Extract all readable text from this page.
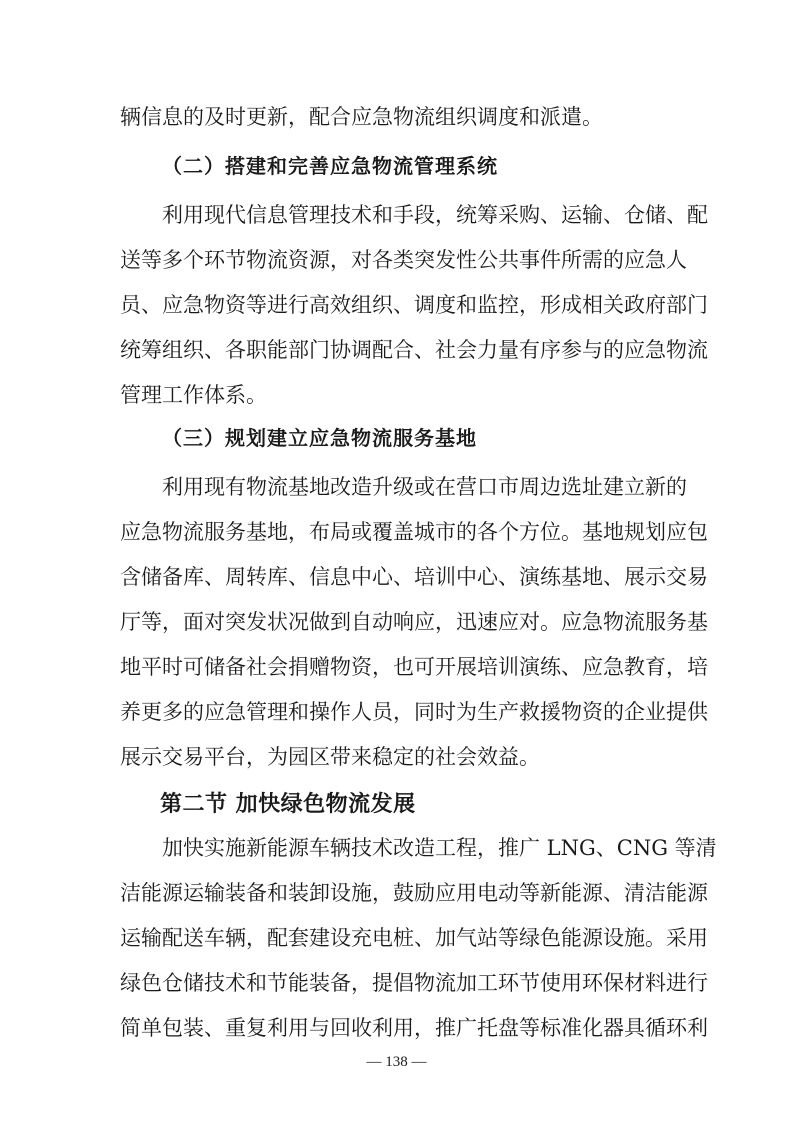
辆信息的及时更新，配合应急物流组织调度和派遣。
（二）搭建和完善应急物流管理系统
利用现代信息管理技术和手段，统筹采购、运输、仓储、配
送等多个环节物流资源，对各类突发性公共事件所需的应急人
员、应急物资等进行高效组织、调度和监控，形成相关政府部门
统筹组织、各职能部门协调配合、社会力量有序参与的应急物流
管理工作体系。
（三）规划建立应急物流服务基地
利用现有物流基地改造升级或在营口市周边选址建立新的
应急物流服务基地，布局或覆盖城市的各个方位。基地规划应包
含储备库、周转库、信息中心、培训中心、演练基地、展示交易
厅等，面对突发状况做到自动响应，迅速应对。应急物流服务基
地平时可储备社会捐赠物资，也可开展培训演练、应急教育，培
养更多的应急管理和操作人员，同时为生产救援物资的企业提供
展示交易平台，为园区带来稳定的社会效益。
第二节 加快绿色物流发展
加快实施新能源车辆技术改造工程，推广 LNG、CNG 等清
洁能源运输装备和装卸设施，鼓励应用电动等新能源、清洁能源
运输配送车辆，配套建设充电桩、加气站等绿色能源设施。采用
绿色仓储技术和节能装备，提倡物流加工环节使用环保材料进行
简单包装、重复利用与回收利用，推广托盘等标准化器具循环利
— 138 —
